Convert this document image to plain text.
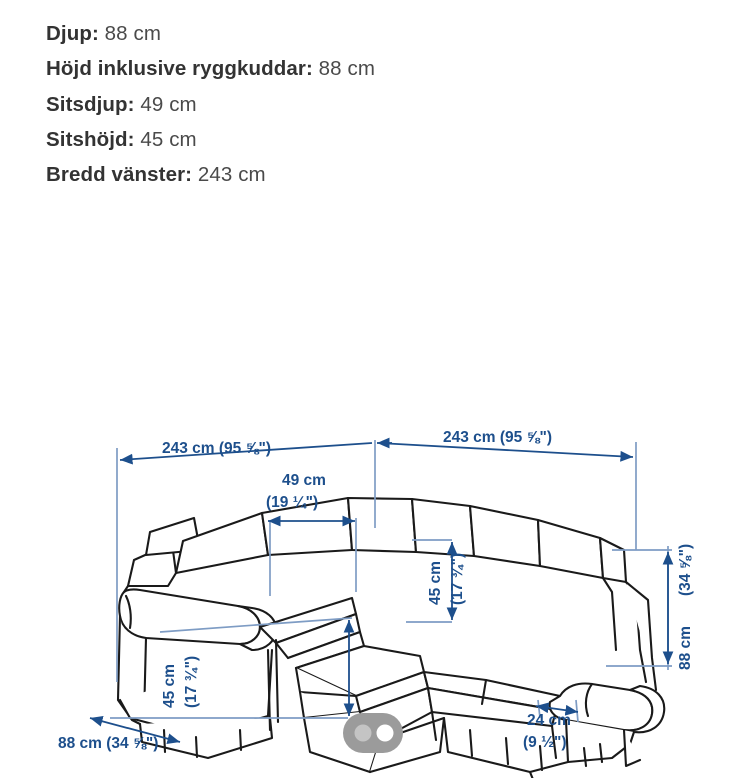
Djup: 88 cm
Höjd inklusive ryggkuddar: 88 cm
Sitsdjup: 49 cm
Sitshöjd: 45 cm
Bredd vänster: 243 cm
243 cm (95 ⅝")
243 cm (95 ⅝")
49 cm
(19 ¼")
45 cm (17 ¾")
45 cm (17 ¾")
88 cm
(34 ⅝")
88 cm (34 ⅝")
24 cm
(9 ½")
